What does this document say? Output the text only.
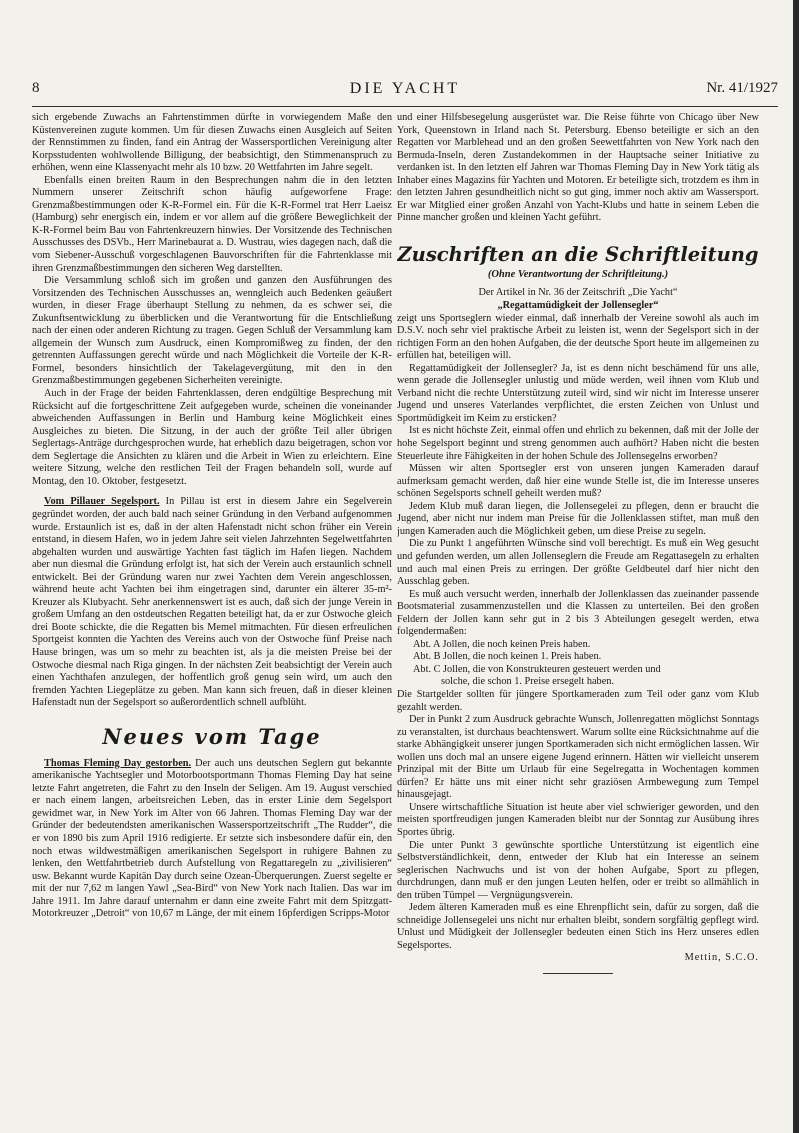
DIE YACHT
8	Nr. 41/1927

sich ergebende Zuwachs an Fahrtenstimmen dürfte in vorwiegendem Maße den Küstenvereinen zugute kommen. Um für diesen Zuwachs einen Ausgleich auf Seiten der Rennstimmen zu finden, fand ein Antrag der Wassersportlichen Vereinigung alter Korpsstudenten wohlwollende Billigung, der beabsichtigt, den Stimmenanspruch zu erhöhen, wenn eine Klassenyacht mehr als 10 bzw. 20 Wettfahrten im Jahre segelt.

Ebenfalls einen breiten Raum in den Besprechungen nahm die in den letzten Nummern unserer Zeitschrift schon häufig aufgeworfene Frage: Grenzmaßbestimmungen oder K-R-Formel ein. Für die K-R-Formel trat Herr Laeisz (Hamburg) sehr energisch ein, indem er vor allem auf die größere Beweglichkeit der K-R-Formel beim Bau von Fahrtenkreuzern hinwies. Der Vorsitzende des Technischen Ausschusses des DSVb., Herr Marinebaurat a. D. Wustrau, wies dagegen nach, daß die vom Siebener-Ausschuß vorgeschlagenen Bauvorschriften für die Fahrtenklasse mit ihren Grenzmaßbestimmungen den sicheren Weg darstellten.

Die Versammlung schloß sich im großen und ganzen den Ausführungen des Vorsitzenden des Technischen Ausschusses an, wenngleich auch Bedenken geäußert wurden, in dieser Frage überhaupt Stellung zu nehmen, da es schwer sei, die Zukunftsentwicklung zu überblicken und die Verantwortung für die Entschließung nach der einen oder anderen Richtung zu tragen. Gegen Schluß der Versammlung kam allgemein der Wunsch zum Ausdruck, einen Kompromißweg zu finden, der den getrennten Auffassungen gerecht würde und nach Möglichkeit die Vorteile der K-R-Formel, besonders hinsichtlich der Takelagevergütung, mit den in den Grenzmaßbestimmungen gegebenen Sicherheiten vereinigte.

Auch in der Frage der beiden Fahrtenklassen, deren endgültige Besprechung mit Rücksicht auf die fortgeschrittene Zeit aufgegeben wurde, scheinen die voneinander abweichenden Auffassungen in Berlin und Hamburg keine Möglichkeit eines Ausgleiches zu bieten. Die Sitzung, in der auch der größte Teil aller übrigen Seglertags-Anträge durchgesprochen wurde, hat erheblich dazu beigetragen, schon vor dem Seglertage die Ansichten zu klären und die Arbeit in Wien zu erleichtern. Eine weitere Sitzung, welche den restlichen Teil der Fragen behandeln soll, wurde auf Montag, den 10. Oktober, festgesetzt.

Vom Pillauer Segelsport. In Pillau ist erst in diesem Jahre ein Segelverein gegründet worden, der auch bald nach seiner Gründung in den Verband aufgenommen wurde. Erstaunlich ist es, daß in der alten Hafenstadt nicht schon früher ein Verein entstand, in diesem Hafen, wo in jedem Jahre seit vielen Jahrzehnten Segelwettfahrten abgehalten wurden und auswärtige Yachten fast täglich im Hafen liegen. Nachdem aber nun diesmal die Gründung erfolgt ist, hat sich der Verein auch erstaunlich schnell entwickelt. Bei der Gründung waren nur zwei Yachten dem Verein angeschlossen, während heute acht Yachten bei ihm eingetragen sind, darunter ein älterer 35-m²-Kreuzer als Klubyacht. Sehr anerkennenswert ist es auch, daß sich der junge Verein in großem Umfang an den ostdeutschen Regatten beteiligt hat, da er zur Ostwoche gleich drei Boote schickte, die die Regatten bis Memel mitmachten. Für diesen erfreulichen Sportgeist konnten die Yachten des Vereins auch von der Ostwoche fünf Preise nach Hause bringen, was um so mehr zu beachten ist, als ja die meisten Preise bei der Ostwoche diesmal nach Riga gingen. In der nächsten Zeit beabsichtigt der Verein auch einen Yachthafen anzulegen, der hoffentlich groß genug sein wird, um auch den fremden Yachten Liegeplätze zu geben. Man kann sich freuen, daß in dieser kleinen Hafenstadt nun der Segelsport so außerordentlich schnell aufblüht.

Neues vom Tage

Thomas Fleming Day gestorben. Der auch uns deutschen Seglern gut bekannte amerikanische Yachtsegler und Motorbootsportmann Thomas Fleming Day hat seine letzte Fahrt angetreten, die Fahrt zu den Inseln der Seligen. Am 19. August verschied er nach einem langen, arbeitsreichen Leben, das in erster Linie dem Segelsport gewidmet war, in New York im Alter von 66 Jahren. Thomas Fleming Day war der Gründer der bedeutendsten amerikanischen Wassersportzeitschrift „The Rudder“, die er von 1890 bis zum April 1916 redigierte. Er setzte sich insbesondere dafür ein, den noch etwas wildwestmäßigen amerikanischen Segelsport in ruhigere Bahnen zu lenken, den Wettfahrtbetrieb durch Aufstellung von Regattaregeln zu „zivilisieren“ usw. Bekannt wurde Kapitän Day durch seine Ozean-Überquerungen. Zuerst segelte er mit der nur 7,62 m langen Yawl „Sea-Bird“ von New York nach Italien. Das war im Jahre 1911. Im Jahre darauf unternahm er dann eine zweite Fahrt mit dem Spitzgatt-Motorkreuzer „Detroit“ von 10,67 m Länge, der mit einem 16pferdigen Scripps-Motor

und einer Hilfsbesegelung ausgerüstet war. Die Reise führte von Chicago über New York, Queenstown in Irland nach St. Petersburg. Ebenso beteiligte er sich an den Regatten vor Marblehead und an den großen Seewettfahrten von New York nach den Bermuda-Inseln, deren Zustandekommen in der Hauptsache seiner Initiative zu verdanken ist. In den letzten elf Jahren war Thomas Fleming Day in New York tätig als Inhaber eines Magazins für Yachten und Motoren. Er beteiligte sich, trotzdem es ihm in den letzten Jahren gesundheitlich nicht so gut ging, immer noch aktiv am Wassersport. Er war Mitglied einer großen Anzahl von Yacht-Klubs und hatte in seinem Leben die Pinne mancher großen und kleinen Yacht geführt.

Zuschriften an die Schriftleitung
(Ohne Verantwortung der Schriftleitung.)

Der Artikel in Nr. 36 der Zeitschrift „Die Yacht“

„Regattamüdigkeit der Jollensegler“

zeigt uns Sportseglern wieder einmal, daß innerhalb der Vereine sowohl als auch im D.S.V. noch sehr viel praktische Arbeit zu leisten ist, wenn der Segelsport sich in der richtigen Form an den hohen Aufgaben, die der deutsche Sport heute im allgemeinen zu erfüllen hat, beteiligen will.

Regattamüdigkeit der Jollensegler? Ja, ist es denn nicht beschämend für uns alle, wenn gerade die Jollensegler unlustig und müde werden, weil ihnen vom Klub und Verband nicht die rechte Unterstützung zuteil wird, sind wir nicht im Interesse unserer Jugend und unseres Vaterlandes verpflichtet, die ersten Zeichen von Unlust und Sportmüdigkeit im Keim zu ersticken?

Ist es nicht höchste Zeit, einmal offen und ehrlich zu bekennen, daß mit der Jolle der hohe Segelsport beginnt und streng genommen auch aufhört? Haben nicht die besten Steuerleute ihre Fähigkeiten in der hohen Schule des Jollensegelns erworben?

Müssen wir alten Sportsegler erst von unseren jungen Kameraden darauf aufmerksam gemacht werden, daß hier eine wunde Stelle ist, die im Interesse unseres schönen Segelsports schnell geheilt werden muß?

Jedem Klub muß daran liegen, die Jollensegelei zu pflegen, denn er braucht die Jugend, aber nicht nur indem man Preise für die Jollenklassen stiftet, man muß den jungen Kameraden auch die Möglichkeit geben, um diese Preise zu segeln.

Die zu Punkt 1 angeführten Wünsche sind voll berechtigt. Es muß ein Weg gesucht und gefunden werden, um allen Jollenseglern die Freude am Regattasegeln zu erhalten und auch mal einen Preis zu erringen. Der größte Geldbeutel darf hier nicht den Ausschlag geben.

Es muß auch versucht werden, innerhalb der Jollenklassen das zueinander passende Bootsmaterial zusammenzustellen und die Klassen zu unterteilen. Bei den großen Feldern der Jollen kann sehr gut in 2 bis 3 Abteilungen gesegelt werden, etwa folgendermaßen:

Abt. A Jollen, die noch keinen Preis haben.

Abt. B Jollen, die noch keinen 1. Preis haben.

Abt. C Jollen, die von Konstrukteuren gesteuert werden und

solche, die schon 1. Preise ersegelt haben.

Die Startgelder sollten für jüngere Sportkameraden zum Teil oder ganz vom Klub gezahlt werden.

Der in Punkt 2 zum Ausdruck gebrachte Wunsch, Jollenregatten möglichst Sonntags zu veranstalten, ist durchaus beachtenswert. Warum sollte eine Rücksichtnahme auf die starke Abhängigkeit unserer jungen Sportkameraden sich nicht ermöglichen lassen. Wir wollen uns doch mal an unsere eigene Jugend erinnern. Hätten wir vielleicht unserem Prinzipal mit der Bitte um Urlaub für eine Segelregatta in Wochentagen kommen dürfen? Er hätte uns mit einer nicht sehr graziösen Armbewegung zum Tempel hinausgejagt.

Unsere wirtschaftliche Situation ist heute aber viel schwieriger geworden, und den meisten sportfreudigen jungen Kameraden bleibt nur der Sonntag zur Ausübung ihres Sportes übrig.

Die unter Punkt 3 gewünschte sportliche Unterstützung ist eigentlich eine Selbstverständlichkeit, denn, entweder der Klub hat ein Interesse an seinem seglerischen Nachwuchs und ist von der hohen Aufgabe, Sport zu pflegen, durchdrungen, dann muß er den jungen Leuten helfen, oder er treibt so allmählich in den trüben Tümpel — Vergnügungsverein.

Jedem älteren Kameraden muß es eine Ehrenpflicht sein, dafür zu sorgen, daß die schneidige Jollensegelei uns nicht nur erhalten bleibt, sondern sorgfältig gepflegt wird. Unlust und Müdigkeit der Jollensegler bedeuten einen Stich ins Herz unseres edlen Segelsportes.

Mettin, S.C.O.
